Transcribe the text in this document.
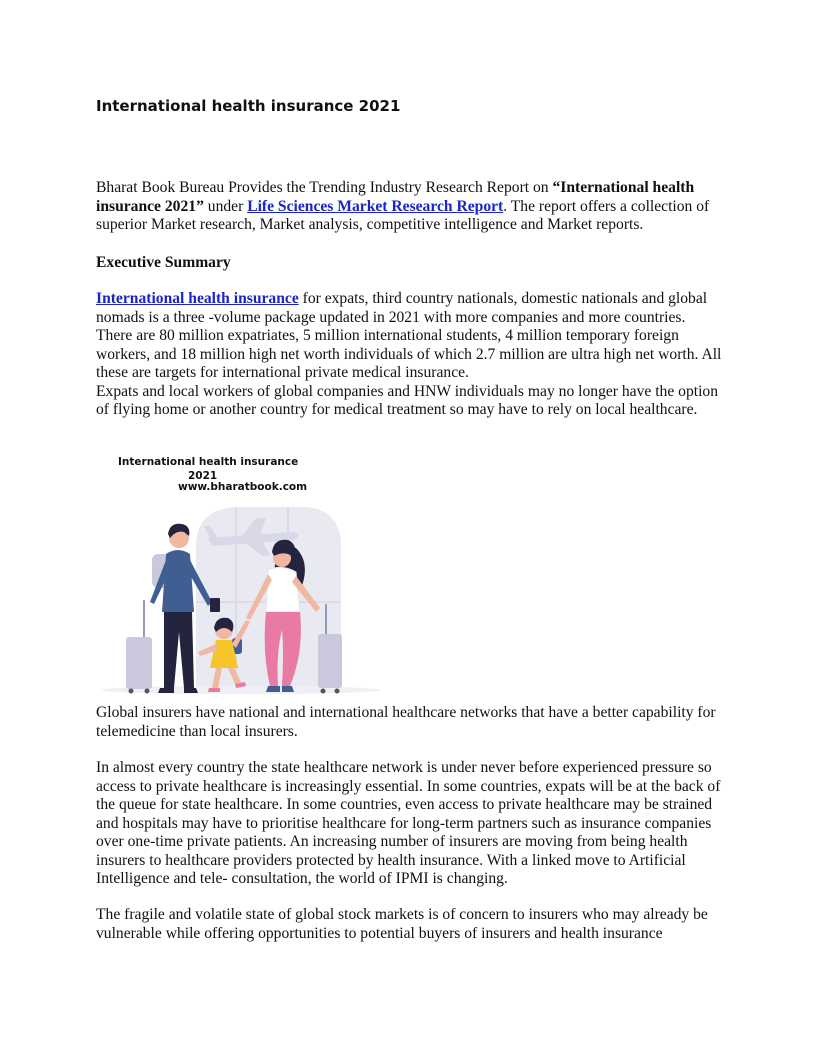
International health insurance 2021

Bharat Book Bureau Provides the Trending Industry Research Report on “International health insurance 2021” under Life Sciences Market Research Report. The report offers a collection of superior Market research, Market analysis, competitive intelligence and Market reports.

Executive Summary

International health insurance for expats, third country nationals, domestic nationals and global nomads is a three -volume package updated in 2021 with more companies and more countries.

There are 80 million expatriates, 5 million international students, 4 million temporary foreign workers, and 18 million high net worth individuals of which 2.7 million are ultra high net worth. All these are targets for international private medical insurance.

Expats and local workers of global companies and HNW individuals may no longer have the option of flying home or another country for medical treatment so may have to rely on local healthcare.

International health insurance
2021
www.bharatbook.com
Global insurers have national and international healthcare networks that have a better capability for telemedicine than local insurers.
In almost every country the state healthcare network is under never before experienced pressure so access to private healthcare is increasingly essential. In some countries, expats will be at the back of the queue for state healthcare. In some countries, even access to private healthcare may be strained and hospitals may have to prioritise healthcare for long-term partners such as insurance companies over one-time private patients. An increasing number of insurers are moving from being health insurers to healthcare providers protected by health insurance. With a linked move to Artificial Intelligence and tele- consultation, the world of IPMI is changing.
The fragile and volatile state of global stock markets is of concern to insurers who may already be vulnerable while offering opportunities to potential buyers of insurers and health insurance
